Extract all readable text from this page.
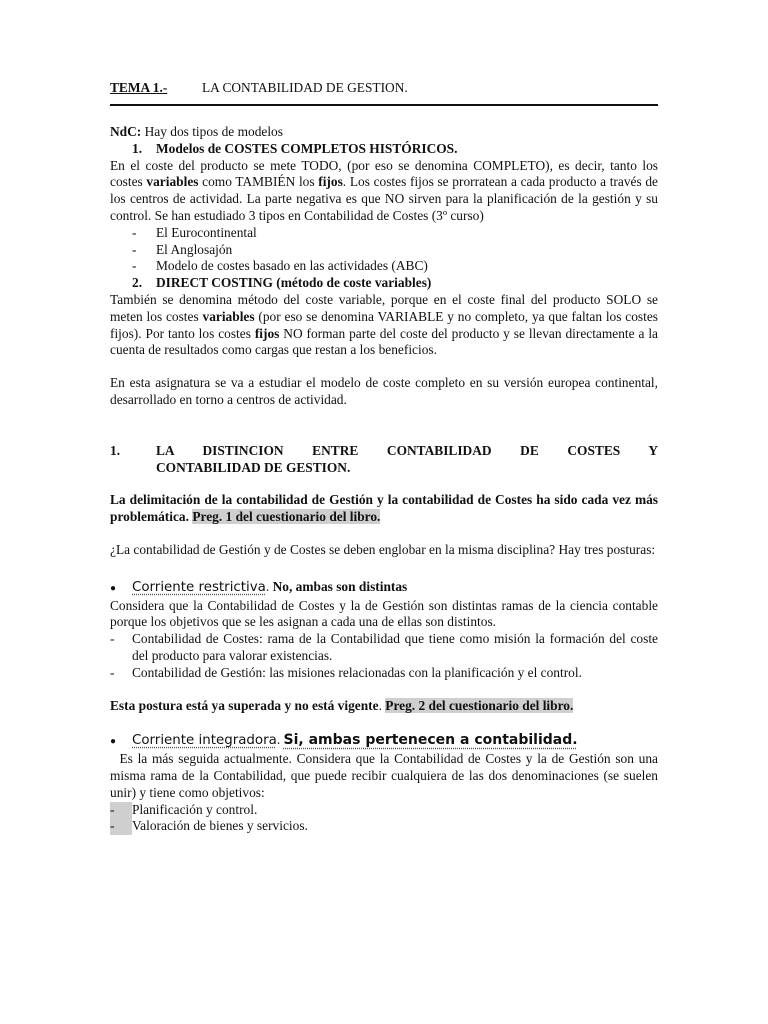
TEMA 1.-	LA CONTABILIDAD DE GESTION.

NdC: Hay dos tipos de modelos

1. Modelos de COSTES COMPLETOS HISTÓRICOS.

En el coste del producto se mete TODO, (por eso se denomina COMPLETO), es decir, tanto los costes variables como TAMBIÉN los fijos. Los costes fijos se prorratean a cada producto a través de los centros de actividad. La parte negativa es que NO sirven para la planificación de la gestión y su control. Se han estudiado 3 tipos en Contabilidad de Costes (3º curso)

-	El Eurocontinental
-	El Anglosajón
-	Modelo de costes basado en las actividades (ABC)

2. DIRECT COSTING (método de coste variables)

También se denomina método del coste variable, porque en el coste final del producto SOLO se meten los costes variables (por eso se denomina VARIABLE y no completo, ya que faltan los costes fijos). Por tanto los costes fijos NO forman parte del coste del producto y se llevan directamente a la cuenta de resultados como cargas que restan a los beneficios.

En esta asignatura se va a estudiar el modelo de coste completo en su versión europea continental, desarrollado en torno a centros de actividad.

1.	LA DISTINCION ENTRE CONTABILIDAD DE COSTES Y
CONTABILIDAD DE GESTION.

La delimitación de la contabilidad de Gestión y la contabilidad de Costes ha sido cada vez más problemática. Preg. 1 del cuestionario del libro.

¿La contabilidad de Gestión y de Costes se deben englobar en la misma disciplina? Hay tres posturas:

●	Corriente restrictiva. No, ambas son distintas

Considera que la Contabilidad de Costes y la de Gestión son distintas ramas de la ciencia contable porque los objetivos que se les asignan a cada una de ellas son distintos.

-	Contabilidad de Costes: rama de la Contabilidad que tiene como misión la formación del coste del producto para valorar existencias.
-	Contabilidad de Gestión: las misiones relacionadas con la planificación y el control.

Esta postura está ya superada y no está vigente. Preg. 2 del cuestionario del libro.

●	Corriente integradora. Si, ambas pertenecen a contabilidad.

Es la más seguida actualmente. Considera que la Contabilidad de Costes y la de Gestión son una misma rama de la Contabilidad, que puede recibir cualquiera de las dos denominaciones (se suelen unir) y tiene como objetivos:

-	Planificación y control.
-	Valoración de bienes y servicios.
